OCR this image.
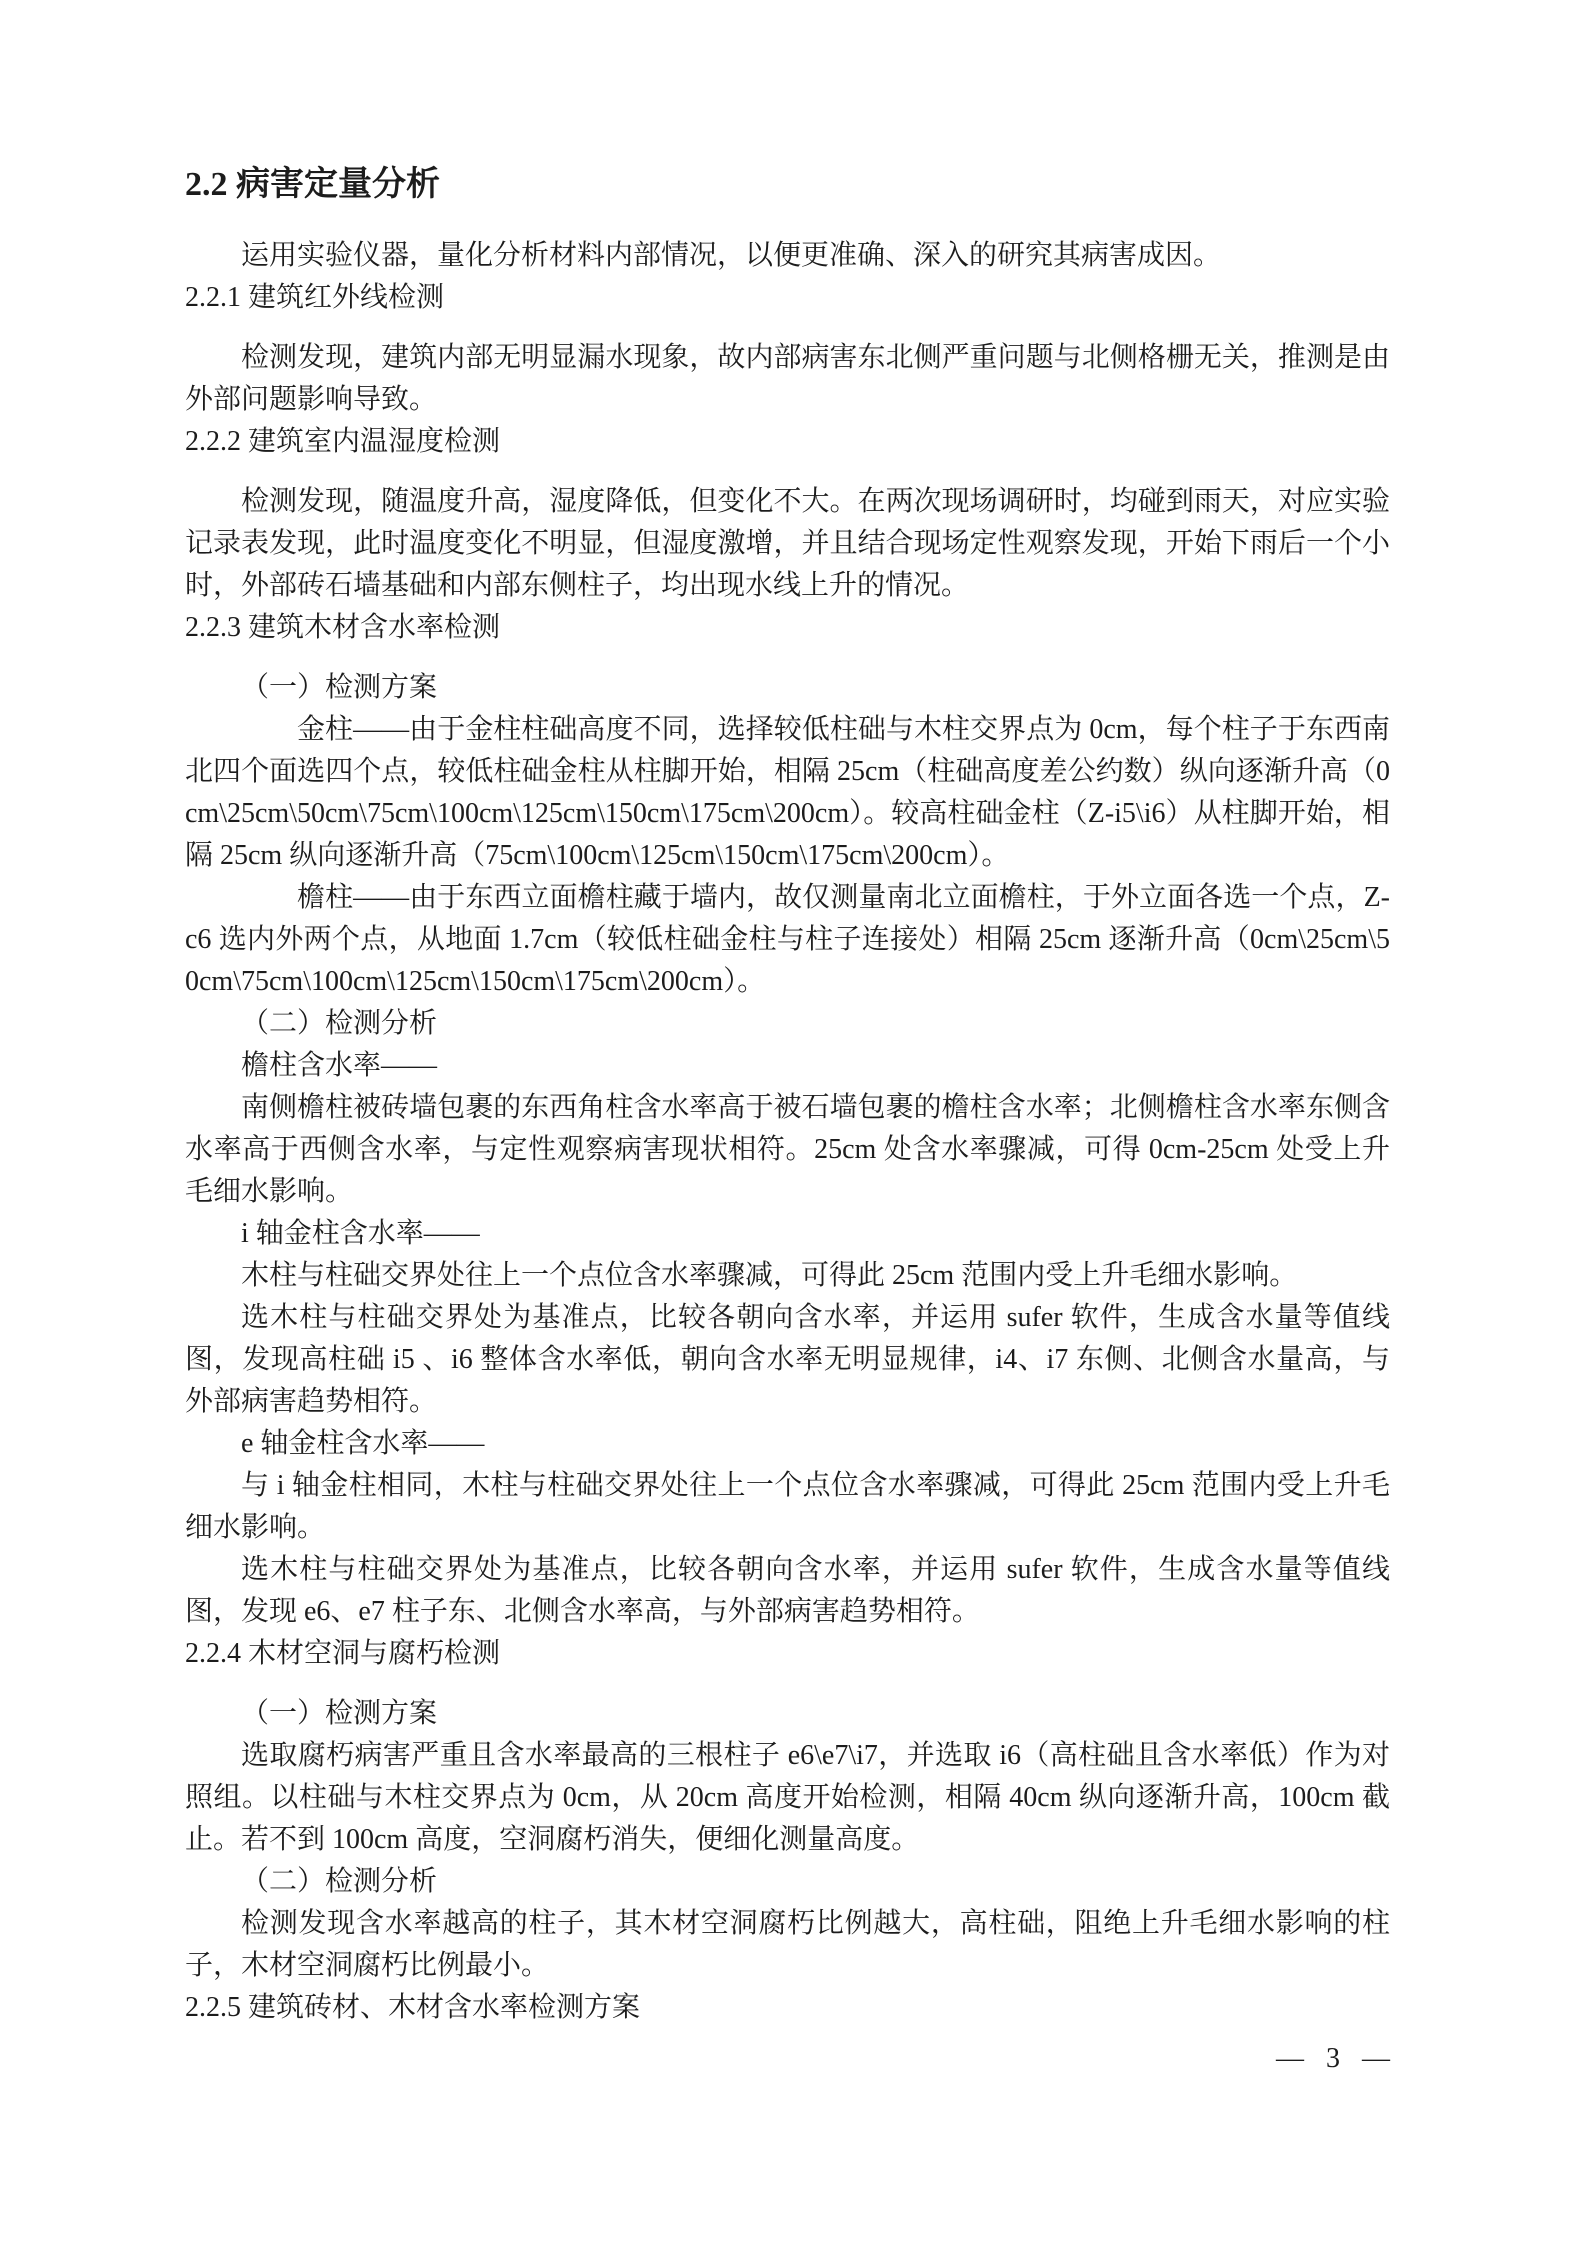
2.2 病害定量分析

运用实验仪器，量化分析材料内部情况，以便更准确、深入的研究其病害成因。

2.2.1 建筑红外线检测

检测发现，建筑内部无明显漏水现象，故内部病害东北侧严重问题与北侧格栅无关，推测是由外部问题影响导致。

2.2.2 建筑室内温湿度检测

检测发现，随温度升高，湿度降低，但变化不大。在两次现场调研时，均碰到雨天，对应实验记录表发现，此时温度变化不明显，但湿度激增，并且结合现场定性观察发现，开始下雨后一个小时，外部砖石墙基础和内部东侧柱子，均出现水线上升的情况。

2.2.3 建筑木材含水率检测

（一）检测方案

金柱——由于金柱柱础高度不同，选择较低柱础与木柱交界点为 0cm，每个柱子于东西南北四个面选四个点，较低柱础金柱从柱脚开始，相隔 25cm（柱础高度差公约数）纵向逐渐升高（0cm\25cm\50cm\75cm\100cm\125cm\150cm\175cm\200cm）。较高柱础金柱（Z-i5\i6）从柱脚开始，相隔 25cm 纵向逐渐升高（75cm\100cm\125cm\150cm\175cm\200cm）。

檐柱——由于东西立面檐柱藏于墙内，故仅测量南北立面檐柱，于外立面各选一个点，Z-c6 选内外两个点，从地面 1.7cm（较低柱础金柱与柱子连接处）相隔 25cm 逐渐升高（0cm\25cm\50cm\75cm\100cm\125cm\150cm\175cm\200cm）。

（二）检测分析

檐柱含水率——

南侧檐柱被砖墙包裹的东西角柱含水率高于被石墙包裹的檐柱含水率；北侧檐柱含水率东侧含水率高于西侧含水率，与定性观察病害现状相符。25cm 处含水率骤减，可得 0cm-25cm 处受上升毛细水影响。

i 轴金柱含水率——

木柱与柱础交界处往上一个点位含水率骤减，可得此 25cm 范围内受上升毛细水影响。

选木柱与柱础交界处为基准点，比较各朝向含水率，并运用 sufer 软件，生成含水量等值线图，发现高柱础 i5 、i6 整体含水率低，朝向含水率无明显规律，i4、i7 东侧、北侧含水量高，与外部病害趋势相符。

e 轴金柱含水率——

与 i 轴金柱相同，木柱与柱础交界处往上一个点位含水率骤减，可得此 25cm 范围内受上升毛细水影响。

选木柱与柱础交界处为基准点，比较各朝向含水率，并运用 sufer 软件，生成含水量等值线图，发现 e6、e7 柱子东、北侧含水率高，与外部病害趋势相符。

2.2.4 木材空洞与腐朽检测

（一）检测方案

选取腐朽病害严重且含水率最高的三根柱子 e6\e7\i7，并选取 i6（高柱础且含水率低）作为对照组。以柱础与木柱交界点为 0cm，从 20cm 高度开始检测，相隔 40cm 纵向逐渐升高，100cm 截止。若不到 100cm 高度，空洞腐朽消失，便细化测量高度。

（二）检测分析

检测发现含水率越高的柱子，其木材空洞腐朽比例越大，高柱础，阻绝上升毛细水影响的柱子，木材空洞腐朽比例最小。

2.2.5 建筑砖材、木材含水率检测方案
— 3 —
